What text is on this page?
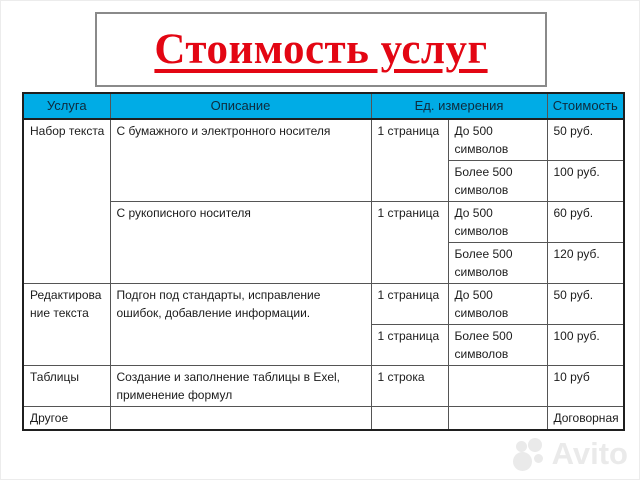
Стоимость услуг
Услуга	Описание	Ед. измерения		Стоимость
Набор текста	С бумажного и электронного носителя	1 страница	До 500 символов	50 руб.
			Более 500 символов	100 руб.
	С рукописного носителя	1 страница	До 500 символов	60 руб.
			Более 500 символов	120 руб.
Редактирова ние текста	Подгон под стандарты, исправление ошибок, добавление информации.	1 страница	До 500 символов	50 руб.
		1 страница	Более 500 символов	100 руб.
Таблицы	Создание и заполнение таблицы в Exel, применение формул	1 строка		10 руб
Другое				Договорная
Avito
